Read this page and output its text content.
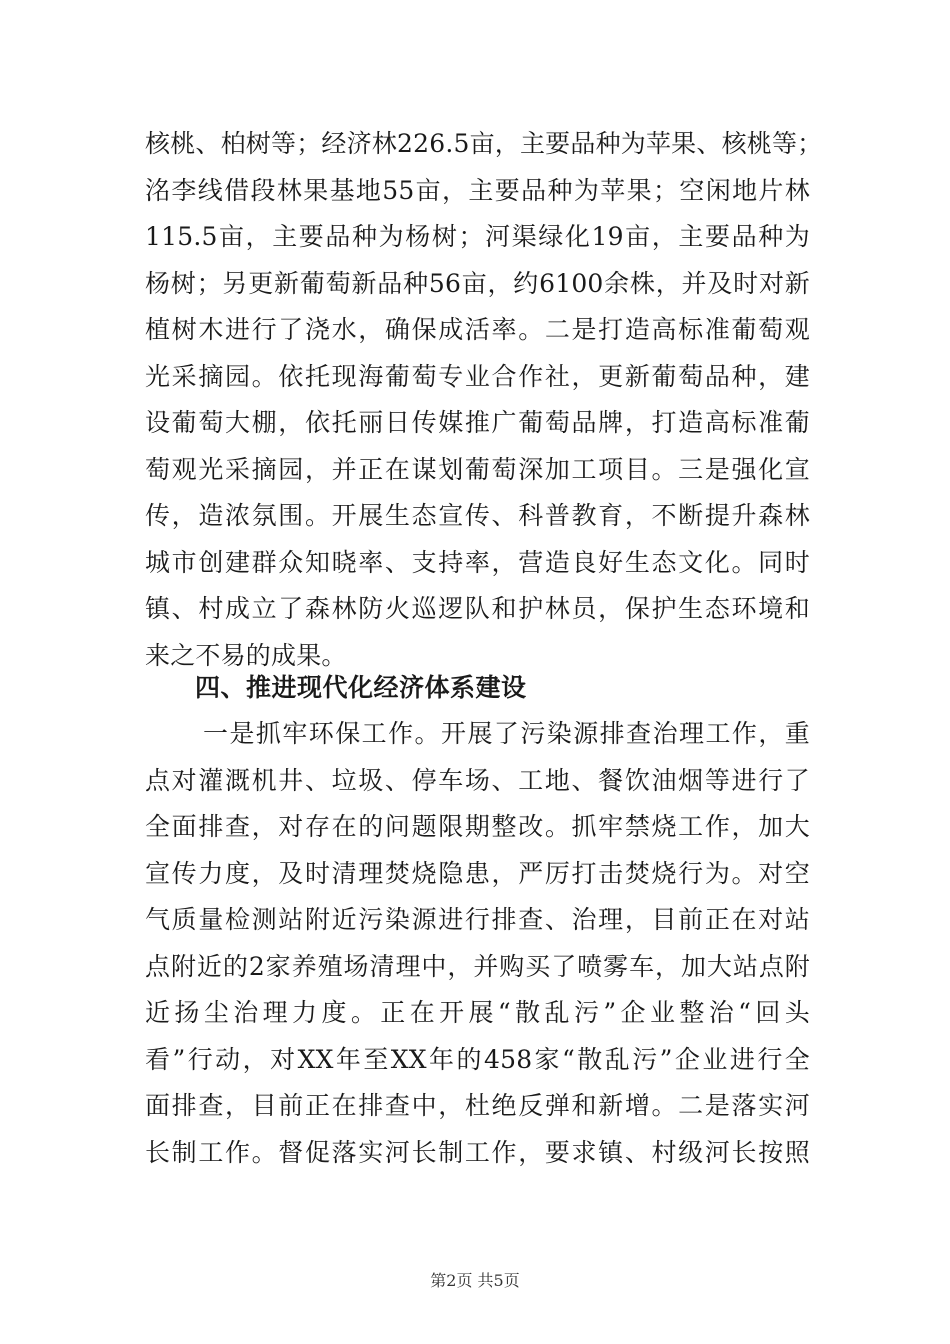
核桃、柏树等；经济林226.5亩，主要品种为苹果、核桃等；
洺李线借段林果基地55亩，主要品种为苹果；空闲地片林
115.5亩，主要品种为杨树；河渠绿化19亩，主要品种为
杨树；另更新葡萄新品种56亩，约6100余株，并及时对新
植树木进行了浇水，确保成活率。二是打造高标准葡萄观
光采摘园。依托现海葡萄专业合作社，更新葡萄品种，建
设葡萄大棚，依托丽日传媒推广葡萄品牌，打造高标准葡
萄观光采摘园，并正在谋划葡萄深加工项目。三是强化宣
传，造浓氛围。开展生态宣传、科普教育，不断提升森林
城市创建群众知晓率、支持率，营造良好生态文化。同时
镇、村成立了森林防火巡逻队和护林员，保护生态环境和
来之不易的成果。
四、推进现代化经济体系建设
一是抓牢环保工作。开展了污染源排查治理工作，重
点对灌溉机井、垃圾、停车场、工地、餐饮油烟等进行了
全面排查，对存在的问题限期整改。抓牢禁烧工作，加大
宣传力度，及时清理焚烧隐患，严厉打击焚烧行为。对空
气质量检测站附近污染源进行排查、治理，目前正在对站
点附近的2家养殖场清理中，并购买了喷雾车，加大站点附
近扬尘治理力度。正在开展“散乱污”企业整治“回头
看”行动，对XX年至XX年的458家“散乱污”企业进行全
面排查，目前正在排查中，杜绝反弹和新增。二是落实河
长制工作。督促落实河长制工作，要求镇、村级河长按照
第2页 共5页
